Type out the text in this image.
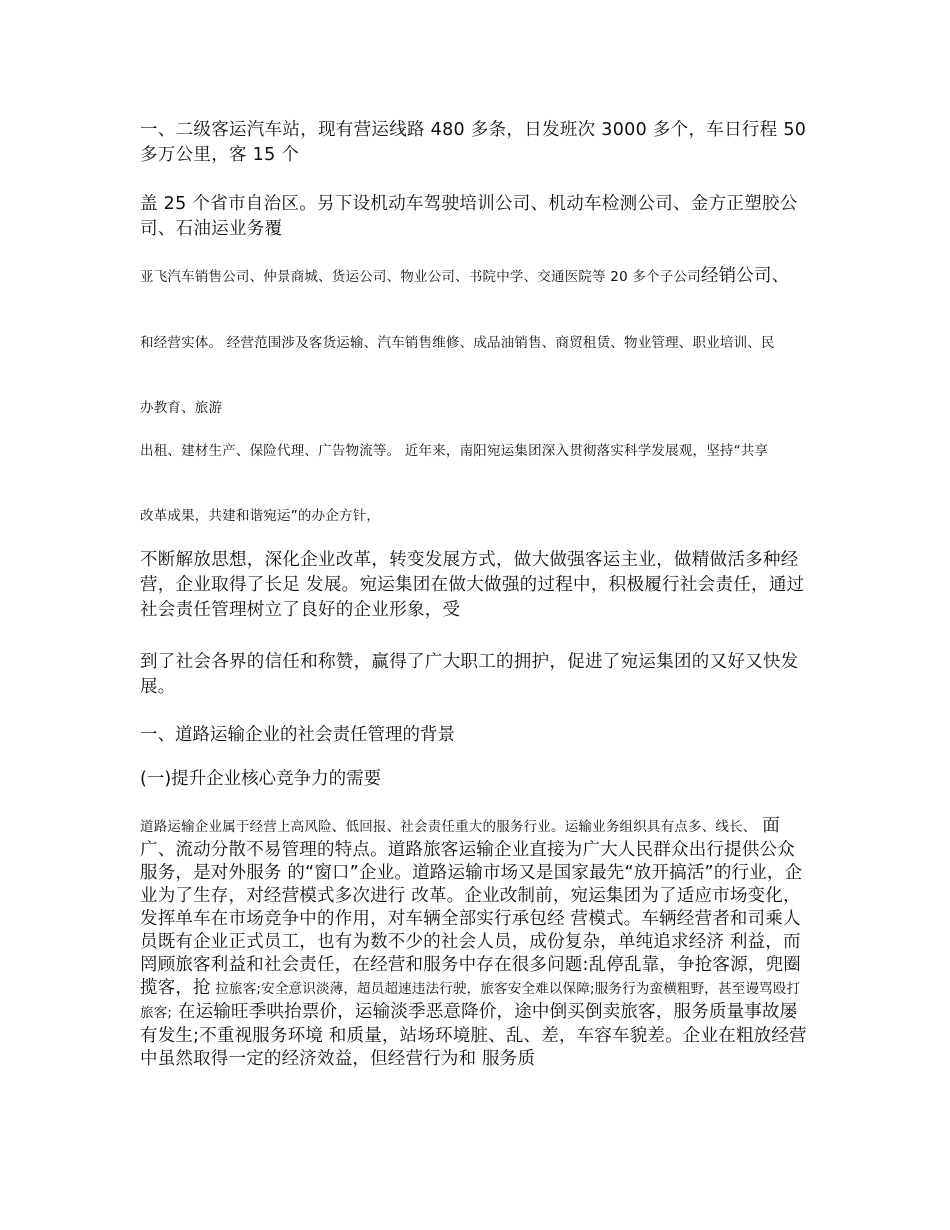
一、二级客运汽车站，现有营运线路 480 多条，日发班次 3000 多个，车日行程 50 多万公里，客 15 个

盖 25 个省市自治区。另下设机动车驾驶培训公司、机动车检测公司、金方正塑胶公司、石油运业务覆

亚飞汽车销售公司、仲景商城、货运公司、物业公司、书院中学、交通医院等 20 多个子公司经销公司、

和经营实体。 经营范围涉及客货运输、汽车销售维修、成品油销售、商贸租赁、物业管理、职业培训、民

办教育、旅游

出租、建材生产、保险代理、广告物流等。 近年来，南阳宛运集团深入贯彻落实科学发展观，坚持“共享

改革成果，共建和谐宛运”的办企方针，

不断解放思想，深化企业改革，转变发展方式，做大做强客运主业，做精做活多种经营，企业取得了长足 发展。宛运集团在做大做强的过程中，积极履行社会责任，通过社会责任管理树立了良好的企业形象，受

到了社会各界的信任和称赞，赢得了广大职工的拥护，促进了宛运集团的又好又快发展。

一、道路运输企业的社会责任管理的背景

(一)提升企业核心竞争力的需要

道路运输企业属于经营上高风险、低回报、社会责任重大的服务行业。运输业务组织具有点多、线长、 面广、流动分散不易管理的特点。道路旅客运输企业直接为广大人民群众出行提供公众服务，是对外服务 的“窗口”企业。道路运输市场又是国家最先“放开搞活”的行业，企业为了生存，对经营模式多次进行 改革。企业改制前，宛运集团为了适应市场变化，发挥单车在市场竞争中的作用，对车辆全部实行承包经 营模式。车辆经营者和司乘人员既有企业正式员工，也有为数不少的社会人员，成份复杂，单纯追求经济 利益，而罔顾旅客利益和社会责任，在经营和服务中存在很多问题:乱停乱靠，争抢客源，兜圈揽客，抢 拉旅客;安全意识淡薄，超员超速违法行驶，旅客安全难以保障;服务行为蛮横粗野，甚至谩骂殴打旅客; 在运输旺季哄抬票价，运输淡季恶意降价，途中倒买倒卖旅客，服务质量事故屡有发生;不重视服务环境 和质量，站场环境脏、乱、差，车容车貌差。企业在粗放经营中虽然取得一定的经济效益，但经营行为和 服务质
